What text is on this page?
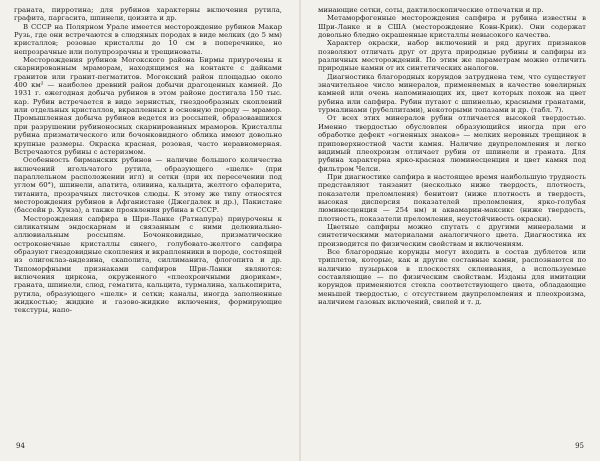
граната, пирротина; для рубинов характерны включения рутила, графита, паргасита, шпинели, цоизита и др.

В СССР на Полярном Урале имеется месторождение рубинов Макар Рузь, где они встречаются в слюдяных породах в виде мелких (до 5 мм) кристаллов; розовые кристаллы до 10 см в поперечнике, но непрозрачные или полупрозрачны и трещиноваты.

Месторождения рубинов Могокского района Бирмы приурочены к скарнированным мраморам, находящимся на контакте с дайками гранитов или гранит-пегматитов. Могокский район площадью около 400 км² — наиболее древний район добычи драгоценных камней. До 1931 г. ежегодная добыча рубинов в этом районе достигала 150 тыс. кар. Рубин встречается в виде зернистых, гнездообразных скоплений или отдельных кристаллов, вкрапленных в основную породу — мрамор. Промышленная добыча рубинов ведется из россыпей, образовавшихся при разрушении рубиноносных скарнированных мраморов. Кристаллы рубина призматического или бочонковидного облика имеют довольно крупные размеры. Окраска красная, розовая, часто неравномерная. Встречаются рубины с астеризмом.

Особенность бирманских рубинов — наличие большого количества включений игольчатого рутила, образующего «шелк» (при параллельном расположении игл) и сетки (при их пересечении под углом 60°), шпинели, апатита, оливина, кальцита, желтого сфалерита, титанита, прозрачных листочков слюды. К этому же типу относятся месторождения рубинов в Афганистане (Джегдалек и др.), Пакистане (бассейн р. Хунза), а также проявления рубина в СССР.

Месторождения сапфира в Шри-Ланке (Ратнапура) приурочены к силикатным эндоскарнам и связанным с ними делювиально-аллювиальным россыпям. Бочонковидные, призматические остроконечные кристаллы синего, голубовато-желтого сапфира образуют гнездовидные скопления и вкрапленники в породе, состоящей из олигоклаз-андезина, скаполита, силлиманита, флогопита и др. Типоморфными признаками сапфиров Шри-Ланки являются: включения циркона, окруженного «плеохроичными дворикам», граната, шпинели, слюд, гематита, кальцита, турмалина, халькопирита, рутила, образующего «шелк» и сетки; каналы, иногда заполненные жидкостью; жидкие и газово-жидкие включения, формирующие текстуры, напо-

94

минающие сетки, соты, дактилоскопические отпечатки и пр.

Метаморфогенные месторождения сапфира и рубина известны в Шри-Ланке и в США (месторождение Ковн-Крик). Они содержат довольно бледно окрашенные кристаллы невысокого качества.

Характер окраски, набор включений и ряд других признаков позволяют отличать друг от друга природные рубины и сапфиры из различных месторождений. По этим же параметрам можно отличить природные камни от их синтетических аналогов.

Диагностика благородных корундов затруднена тем, что существует значительное число минералов, применяемых в качестве ювелирных камней или очень напоминающих их, цвет которых похож на цвет рубина или сапфира. Рубин путают с шпинелью, красными гранатами, турмалинами (рубеллитами), некоторыми топазами и др. (табл. 7).

От всех этих минералов рубин отличается высокой твердостью. Именно твердостью обусловлен образующийся иногда при его обработке дефект «огненных знаков» — мелких неровных трещинок в приповерхностной части камня. Наличие двупреломления и легко видимый плеохроизм отличает рубин от шпинели и граната. Для рубина характерна ярко-красная люминесценция и цвет камня под фильтром Челси.

При диагностике сапфира в настоящее время наибольшую трудность представляют танзанит (несколько ниже твердость, плотность, показатели преломления) бенитоит (ниже плотность и твердость, высокая дисперсия показателей преломления, ярко-голубая люминесценция — 254 нм) и аквамарин-максикс (ниже твердость, плотность, показатели преломления, неустойчивость окраски).

Цветные сапфиры можно спутать с другими минералами и синтетическими материалами аналогичного цвета. Диагностика их производится по физическим свойствам и включениям.

Все благородные корунды могут входить в состав дублетов или триплетов, которые, как и другие составные камни, распознаются по наличию пузырьков в плоскостях склеивания, а используемые составляющие — по физическим свойствам. Изданы для имитации корундов применяются стекла соответствующего цвета, обладающие меньшей твердостью, с отсутствием двупреломления и плеохроизма, наличием газовых включений, свилей и т. д.

95
